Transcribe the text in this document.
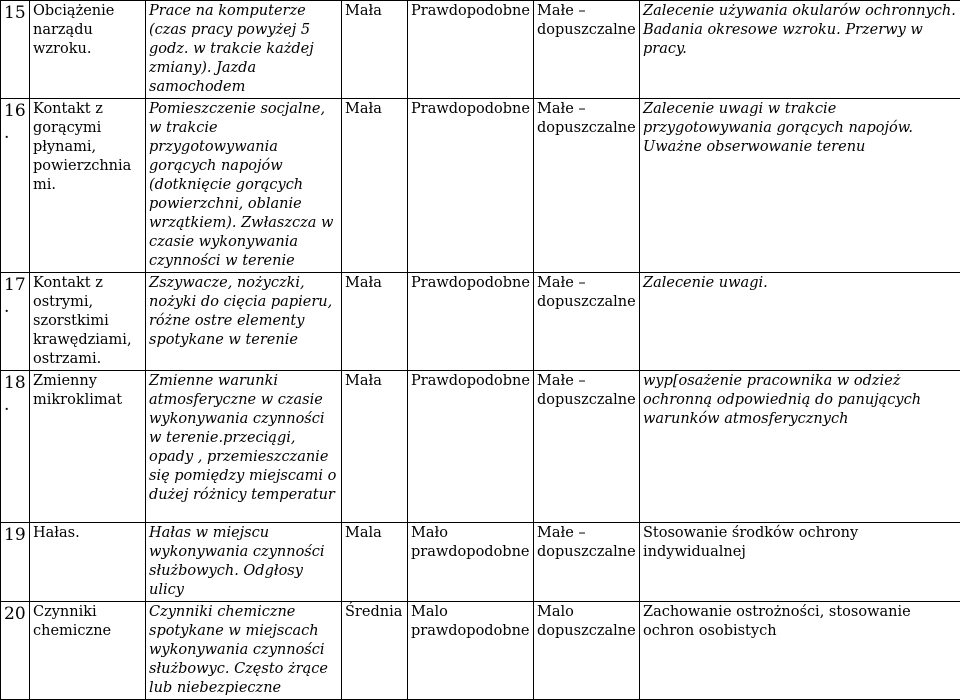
15	Obciążenie narządu wzroku.	Prace na komputerze (czas pracy powyżej 5 godz. w trakcie każdej zmiany). Jazda samochodem	Mała	Prawdopodobne	Małe – dopuszczalne	Zalecenie używania okularów ochronnych. Badania okresowe wzroku. Przerwy w pracy.
16.	Kontakt z gorącymi płynami, powierzchniami.	Pomieszczenie socjalne, w trakcie przygotowywania gorących napojów (dotknięcie gorących powierzchni, oblanie wrzątkiem). Zwłaszcza w czasie wykonywania czynności w terenie	Mała	Prawdopodobne	Małe – dopuszczalne	Zalecenie uwagi w trakcie przygotowywania gorących napojów. Uważne obserwowanie terenu
17.	Kontakt z ostrymi, szorstkimi krawędziami, ostrzami.	Zszywacze, nożyczki, nożyki do cięcia papieru, różne ostre elementy spotykane w terenie	Mała	Prawdopodobne	Małe – dopuszczalne	Zalecenie uwagi.
18.	Zmienny mikroklimat	Zmienne warunki atmosferyczne w czasie wykonywania czynności w terenie.przeciągi, opady , przemieszczanie się pomiędzy miejscami o dużej różnicy temperatur	Mała	Prawdopodobne	Małe – dopuszczalne	wyp[osażenie pracownika w odzież ochronną odpowiednią do panujących warunków atmosferycznych
19	Hałas.	Hałas w miejscu wykonywania czynności służbowych. Odgłosy ulicy	Mala	Mało prawdopodobne	Małe – dopuszczalne	Stosowanie środków ochrony indywidualnej
20	Czynniki chemiczne	Czynniki chemiczne spotykane w miejscach wykonywania czynności służbowyc. Często żrące lub niebezpieczne	Średnia	Malo prawdopodobne	Malo dopuszczalne	Zachowanie ostrożności, stosowanie ochron osobistych
